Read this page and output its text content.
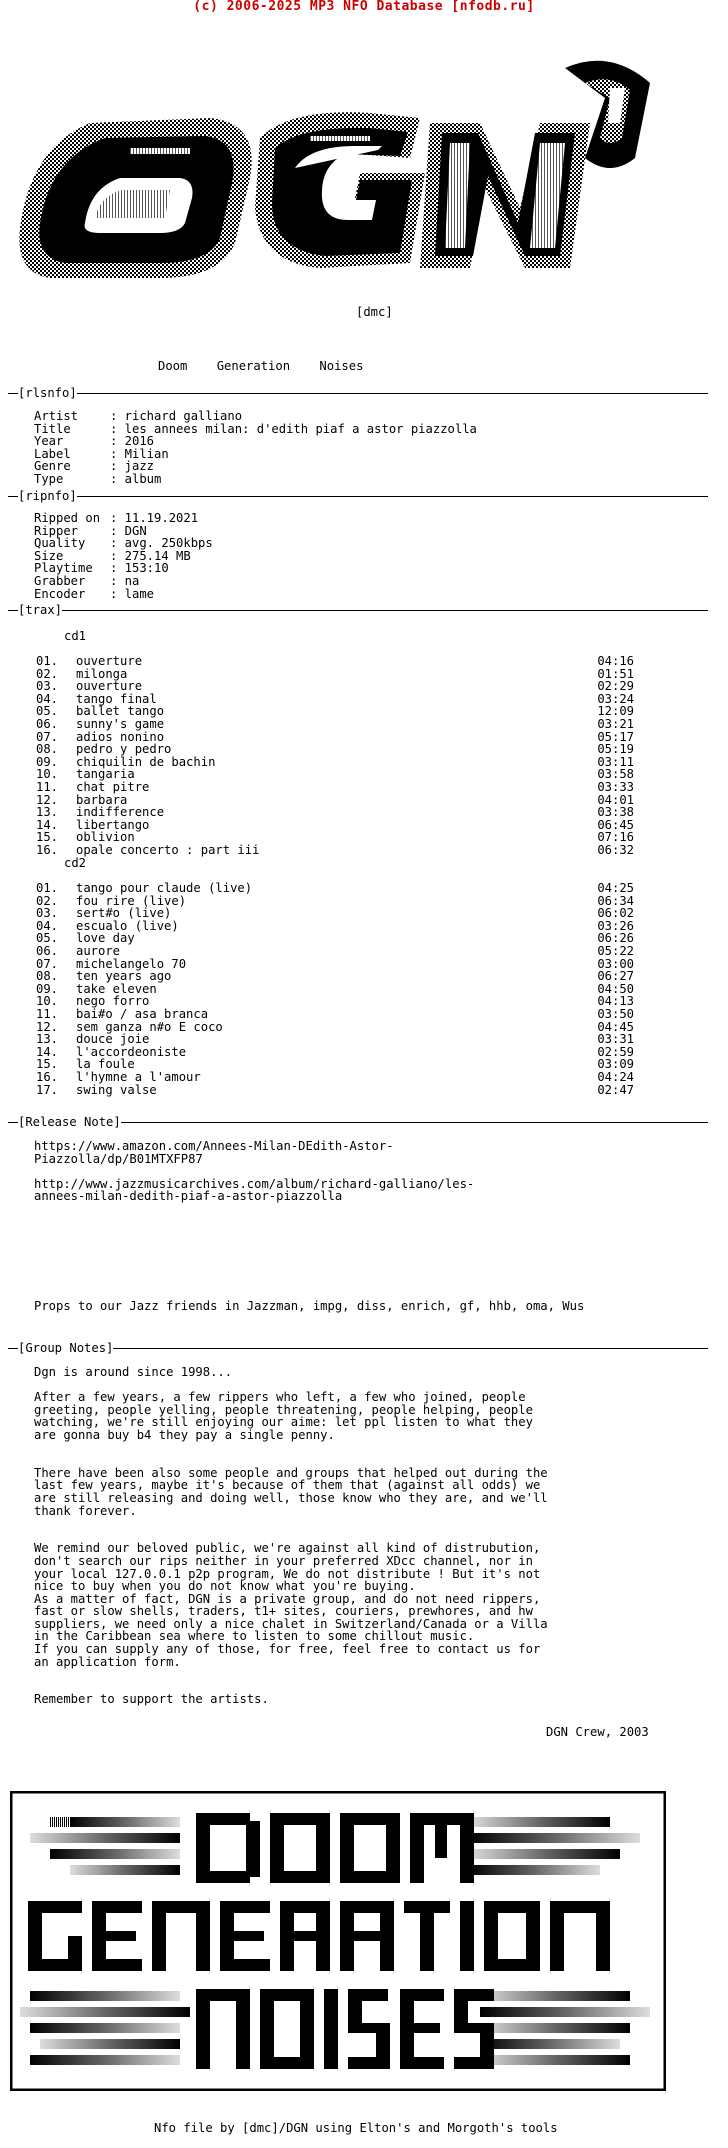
(c) 2006-2025 MP3 NFO Database [nfodb.ru]
[dmc]
Doom    Generation    Noises
[rlsnfo]
Artist	: richard galliano
Title	: les annees milan: d'edith piaf a astor piazzolla
Year	: 2016
Label	: Milian
Genre	: jazz
Type	: album
[ripnfo]
Ripped on : 11.19.2021
Ripper	: DGN
Quality : avg. 250kbps
Size	: 275.14 MB
Playtime : 153:10
Grabber : na
Encoder : lame
[trax]
cd1
01. ouverture	04:16
02. milonga	01:51
03. ouverture	02:29
04. tango final	03:24
05. ballet tango	12:09
06. sunny's game	03:21
07. adios nonino	05:17
08. pedro y pedro	05:19
09. chiquilin de bachin	03:11
10. tangaria	03:58
11. chat pitre	03:33
12. barbara	04:01
13. indifference	03:38
14. libertango	06:45
15. oblivion	07:16
16. opale concerto : part iii	06:32
cd2
01. tango pour claude (live)	04:25
02. fou rire (live)	06:34
03. sert#o (live)	06:02
04. escualo (live)	03:26
05. love day	06:26
06. aurore	05:22
07. michelangelo 70	03:00
08. ten years ago	06:27
09. take eleven	04:50
10. nego forro	04:13
11. bai#o / asa branca	03:50
12. sem ganza n#o E coco	04:45
13. douce joie	03:31
14. l'accordeoniste	02:59
15. la foule	03:09
16. l'hymne a l'amour	04:24
17. swing valse	02:47
[Release Note]
https://www.amazon.com/Annees-Milan-DEdith-Astor-
Piazzolla/dp/B01MTXFP87
http://www.jazzmusicarchives.com/album/richard-galliano/les-
annees-milan-dedith-piaf-a-astor-piazzolla
Props to our Jazz friends in Jazzman, impg, diss, enrich, gf, hhb, oma, Wus
[Group Notes]
Dgn is around since 1998...
After a few years, a few rippers who left, a few who joined, people
greeting, people yelling, people threatening, people helping, people
watching, we're still enjoying our aime: let ppl listen to what they
are gonna buy b4 they pay a single penny.
There have been also some people and groups that helped out during the
last few years, maybe it's because of them that (against all odds) we
are still releasing and doing well, those know who they are, and we'll
thank forever.
We remind our beloved public, we're against all kind of distrubution,
don't search our rips neither in your preferred XDcc channel, nor in
your local 127.0.0.1 p2p program, We do not distribute ! But it's not
nice to buy when you do not know what you're buying.
As a matter of fact, DGN is a private group, and do not need rippers,
fast or slow shells, traders, t1+ sites, couriers, prewhores, and hw
suppliers, we need only a nice chalet in Switzerland/Canada or a Villa
in the Caribbean sea where to listen to some chillout music.
If you can supply any of those, for free, feel free to contact us for
an application form.
Remember to support the artists.
DGN Crew, 2003
Nfo file by [dmc]/DGN using Elton's and Morgoth's tools
